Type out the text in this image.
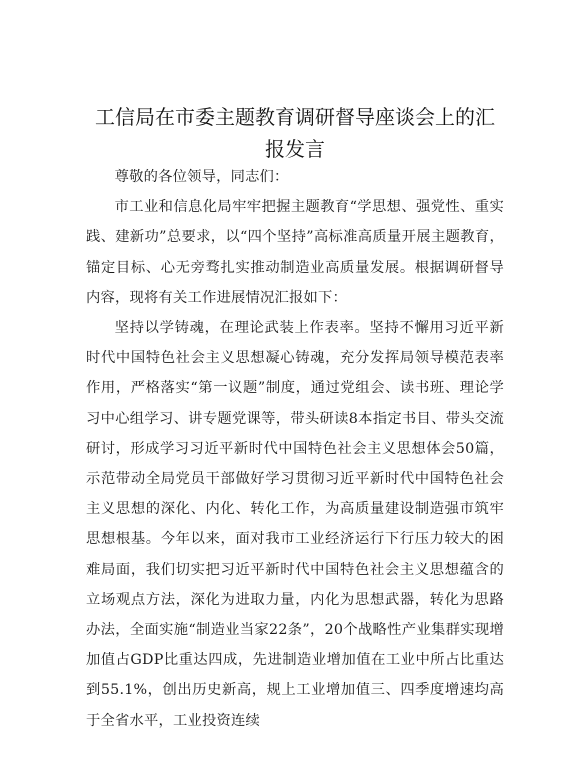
工信局在市委主题教育调研督导座谈会上的汇报发言

尊敬的各位领导，同志们：

市工业和信息化局牢牢把握主题教育“学思想、强党性、重实践、建新功”总要求，以“四个坚持”高标准高质量开展主题教育，锚定目标、心无旁骛扎实推动制造业高质量发展。根据调研督导内容，现将有关工作进展情况汇报如下：

坚持以学铸魂，在理论武装上作表率。坚持不懈用习近平新时代中国特色社会主义思想凝心铸魂，充分发挥局领导模范表率作用，严格落实“第一议题”制度，通过党组会、读书班、理论学习中心组学习、讲专题党课等，带头研读8本指定书目、带头交流研讨，形成学习习近平新时代中国特色社会主义思想体会50篇，示范带动全局党员干部做好学习贯彻习近平新时代中国特色社会主义思想的深化、内化、转化工作，为高质量建设制造强市筑牢思想根基。今年以来，面对我市工业经济运行下行压力较大的困难局面，我们切实把习近平新时代中国特色社会主义思想蕴含的立场观点方法，深化为进取力量，内化为思想武器，转化为思路办法，全面实施“制造业当家22条”，20个战略性产业集群实现增加值占GDP比重达四成，先进制造业增加值在工业中所占比重达到55.1%，创出历史新高，规上工业增加值三、四季度增速均高于全省水平，工业投资连续
